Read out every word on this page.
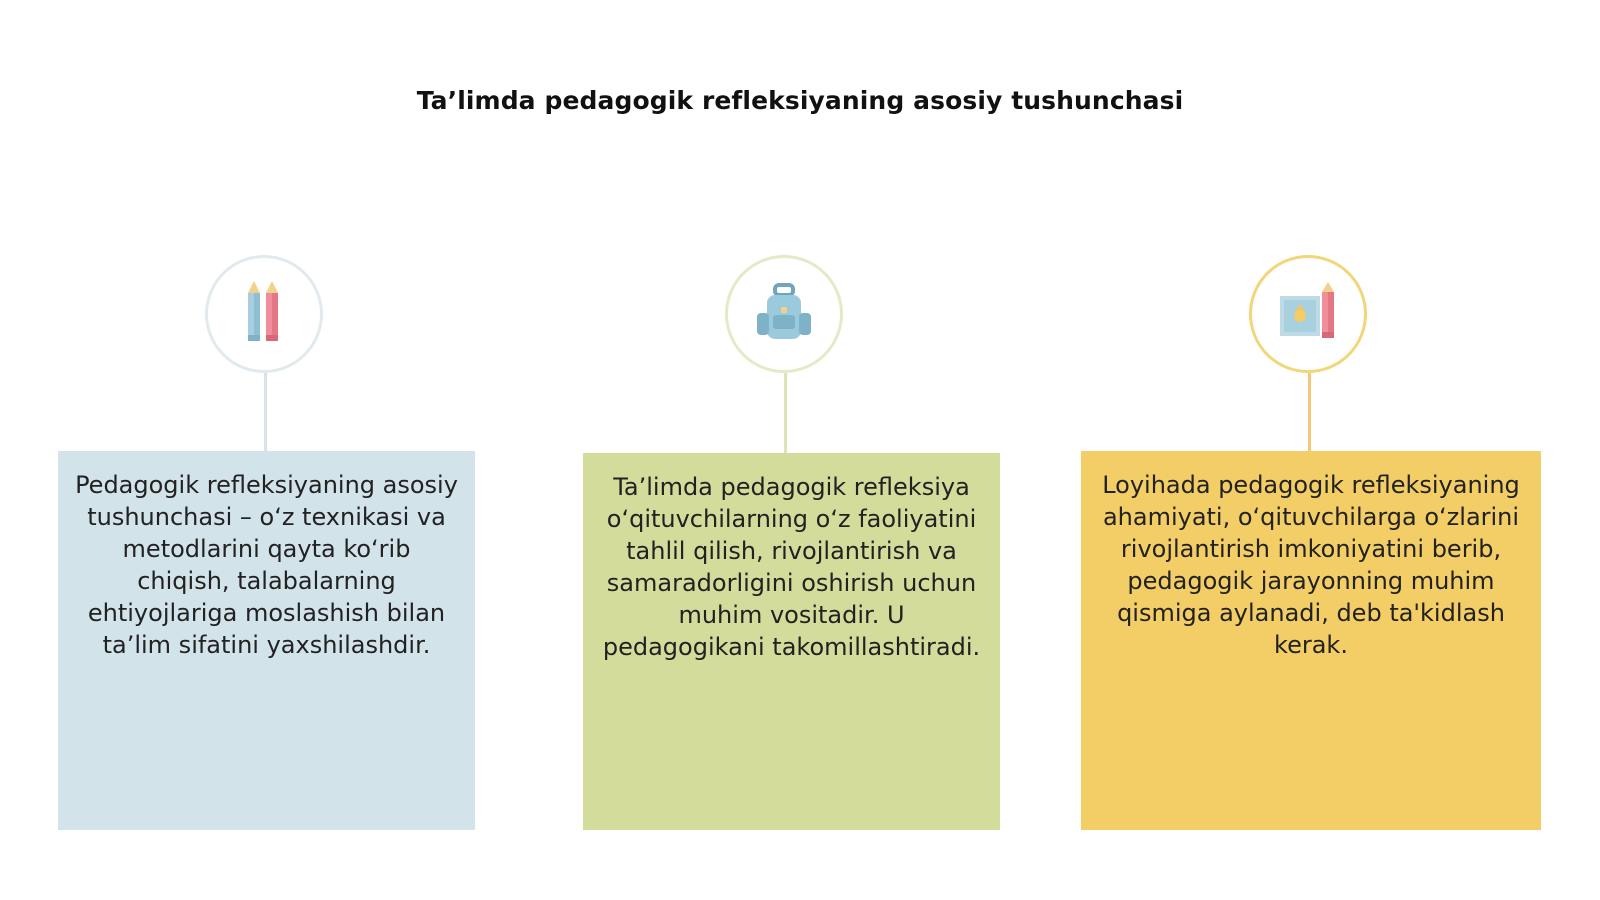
Ta’limda pedagogik refleksiyaning asosiy tushunchasi
Pedagogik refleksiyaning asosiy tushunchasi – o‘z texnikasi va metodlarini qayta ko‘rib chiqish, talabalarning ehtiyojlariga moslashish bilan ta’lim sifatini yaxshilashdir.
Ta’limda pedagogik refleksiya o‘qituvchilarning o‘z faoliyatini tahlil qilish, rivojlantirish va samaradorligini oshirish uchun muhim vositadir. U pedagogikani takomillashtiradi.
Loyihada pedagogik refleksiyaning ahamiyati, o‘qituvchilarga o‘zlarini rivojlantirish imkoniyatini berib, pedagogik jarayonning muhim qismiga aylanadi, deb ta'kidlash kerak.
